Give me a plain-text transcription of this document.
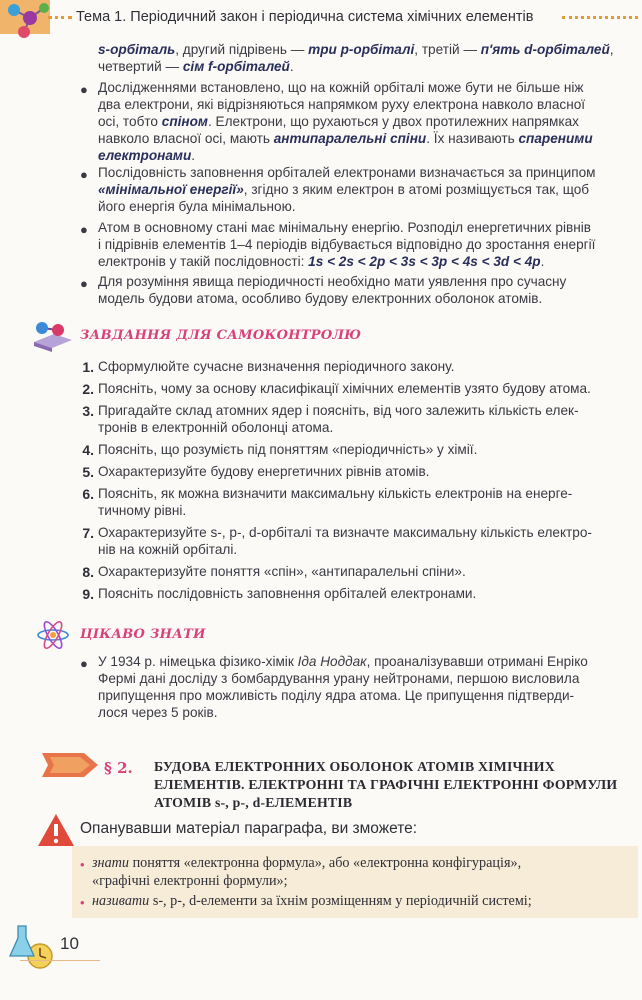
Тема 1. Періодичний закон і періодична система хімічних елементів
s-орбіталь, другий підрівень — три p-орбіталі, третій — п'ять d-орбіталей,
четвертий — сім f-орбіталей.
● Дослідженнями встановлено, що на кожній орбіталі може бути не більше ніж
два електрони, які відрізняються напрямком руху електрона навколо власної
осі, тобто спіном. Електрони, що рухаються у двох протилежних напрямках
навколо власної осі, мають антипаралельні спіни. Їх називають спареними
електронами.
● Послідовність заповнення орбіталей електронами визначається за принципом
«мінімальної енергії», згідно з яким електрон в атомі розміщується так, щоб
його енергія була мінімальною.
● Атом в основному стані має мінімальну енергію. Розподіл енергетичних рівнів
і підрівнів елементів 1–4 періодів відбувається відповідно до зростання енергії
електронів у такій послідовності: 1s < 2s < 2p < 3s < 3p < 4s < 3d < 4p.
● Для розуміння явища періодичності необхідно мати уявлення про сучасну
модель будови атома, особливо будову електронних оболонок атомів.
ЗАВДАННЯ ДЛЯ САМОКОНТРОЛЮ
1. Сформулюйте сучасне визначення періодичного закону.
2. Поясніть, чому за основу класифікації хімічних елементів узято будову атома.
3. Пригадайте склад атомних ядер і поясніть, від чого залежить кількість елек-
тронів в електронній оболонці атома.
4. Поясніть, що розумієть під поняттям «періодичність» у хімії.
5. Охарактеризуйте будову енергетичних рівнів атомів.
6. Поясніть, як можна визначити максимальну кількість електронів на енерге-
тичному рівні.
7. Охарактеризуйте s-, p-, d-орбіталі та визначте максимальну кількість електро-
нів на кожній орбіталі.
8. Охарактеризуйте поняття «спін», «антипаралельні спіни».
9. Поясніть послідовність заповнення орбіталей електронами.
ЦІКАВО ЗНАТИ
● У 1934 р. німецька фізико-хімік Іда Ноддак, проаналізувавши отримані Енріко
Фермі дані досліду з бомбардування урану нейтронами, першою висловила
припущення про можливість поділу ядра атома. Це припущення підтверди-
лося через 5 років.
§ 2. БУДОВА ЕЛЕКТРОННИХ ОБОЛОНОК АТОМІВ ХІМІЧНИХ
ЕЛЕМЕНТІВ. ЕЛЕКТРОННІ ТА ГРАФІЧНІ ЕЛЕКТРОННІ ФОРМУЛИ
АТОМІВ s-, p-, d-ЕЛЕМЕНТІВ
Опанувавши матеріал параграфа, ви зможете:
• знати поняття «електронна формула», або «електронна конфігурація»,
«графічні електронні формули»;
• називати s-, p-, d-елементи за їхнім розміщенням у періодичній системі;
10
